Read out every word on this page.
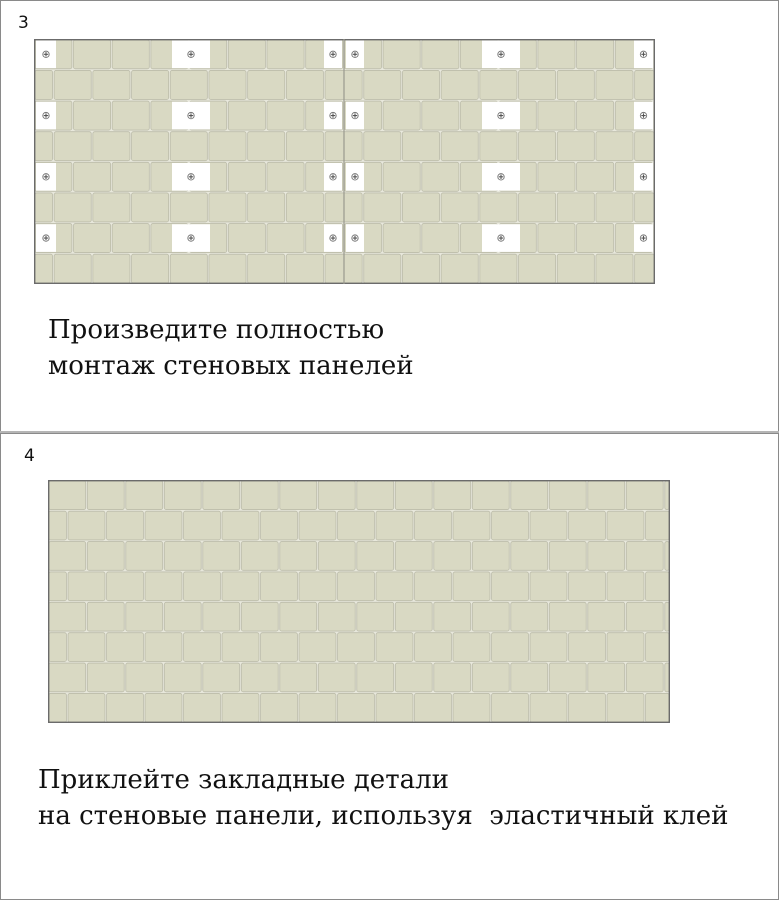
3
Произведите полностью
монтаж стеновых панелей
4
Приклейте закладные детали
на стеновые панели, используя  эластичный клей
